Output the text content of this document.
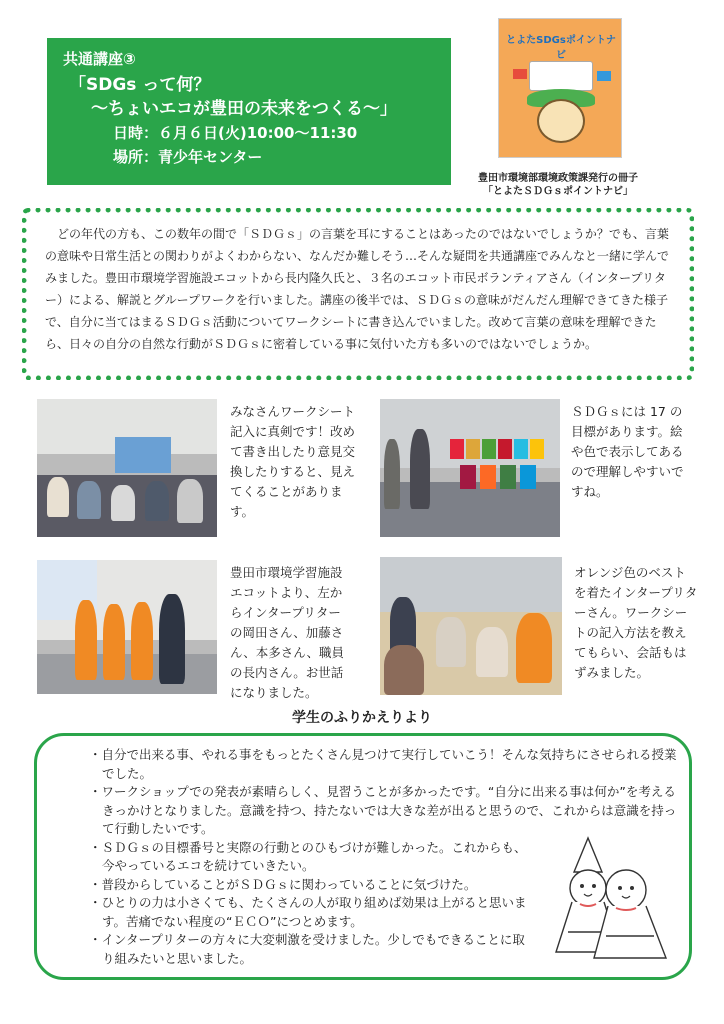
共通講座③
「SDGs って何？
～ちょいエコが豊田の未来をつくる～」
日時：６月６日(火)10:00～11:30
場所：青少年センター
とよたSDGsポイントナビ
豊田市環境部環境政策課発行の冊子
「とよたＳＤＧｓポイントナビ」

どの年代の方も、この数年の間で「ＳＤＧｓ」の言葉を耳にすることはあったのではないでしょうか？でも、言葉の意味や日常生活との関わりがよくわからない、なんだか難しそう…そんな疑問を共通講座でみんなと一緒に学んでみました。豊田市環境学習施設エコットから長内隆久氏と、３名のエコット市民ボランティアさん（インタープリター）による、解説とグループワークを行いました。講座の後半では、ＳＤＧｓの意味がだんだん理解できてきた様子で、自分に当てはまるＳＤＧｓ活動についてワークシートに書き込んでいました。改めて言葉の意味を理解できたら、日々の自分の自然な行動がＳＤＧｓに密着している事に気付いた方も多いのではないでしょうか。

みなさんワークシート記入に真剣です！改めて書き出したり意見交換したりすると、見えてくることがあります。
ＳＤＧｓには 17 の目標があります。絵や色で表示してあるので理解しやすいですね。
豊田市環境学習施設エコットより、左からインタープリターの岡田さん、加藤さん、本多さん、職員の長内さん。お世話になりました。
オレンジ色のベストを着たインタープリターさん。ワークシートの記入方法を教えてもらい、会話もはずみました。
学生のふりかえりより
・自分で出来る事、やれる事をもっとたくさん見つけて実行していこう！そんな気持ちにさせられる授業でした。
・ワークショップでの発表が素晴らしく、見習うことが多かったです。“自分に出来る事は何か”を考えるきっかけとなりました。意識を持つ、持たないでは大きな差が出ると思うので、これからは意識を持って行動したいです。
・ＳＤＧｓの目標番号と実際の行動とのひもづけが難しかった。これからも、今やっているエコを続けていきたい。
・普段からしていることがＳＤＧｓに関わっていることに気づけた。
・ひとりの力は小さくても、たくさんの人が取り組めば効果は上がると思います。苦痛でない程度の“ＥＣＯ”につとめます。
・インタープリターの方々に大変刺激を受けました。少しでもできることに取り組みたいと思いました。
